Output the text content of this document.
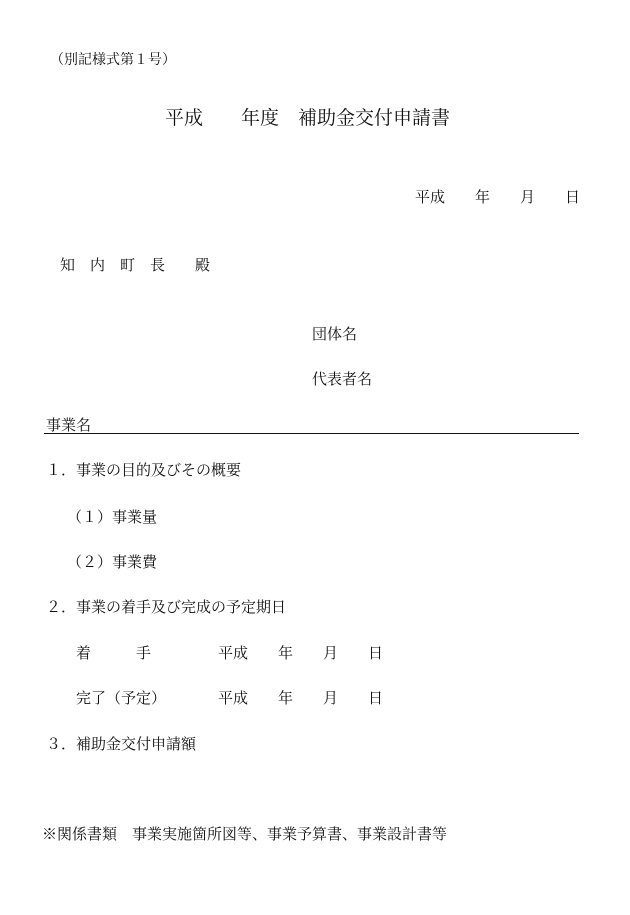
（別記様式第１号）
平成　　年度　補助金交付申請書
平成　　年　　月　　日
知　内　町　長　　殿
団体名
代表者名
事業名
１．事業の目的及びその概要
（１）事業量
（２）事業費
２．事業の着手及び完成の予定期日
着　　　手	平成　　年　　月　　日
完了（予定）	平成　　年　　月　　日
３．補助金交付申請額
※関係書類　事業実施箇所図等、事業予算書、事業設計書等
